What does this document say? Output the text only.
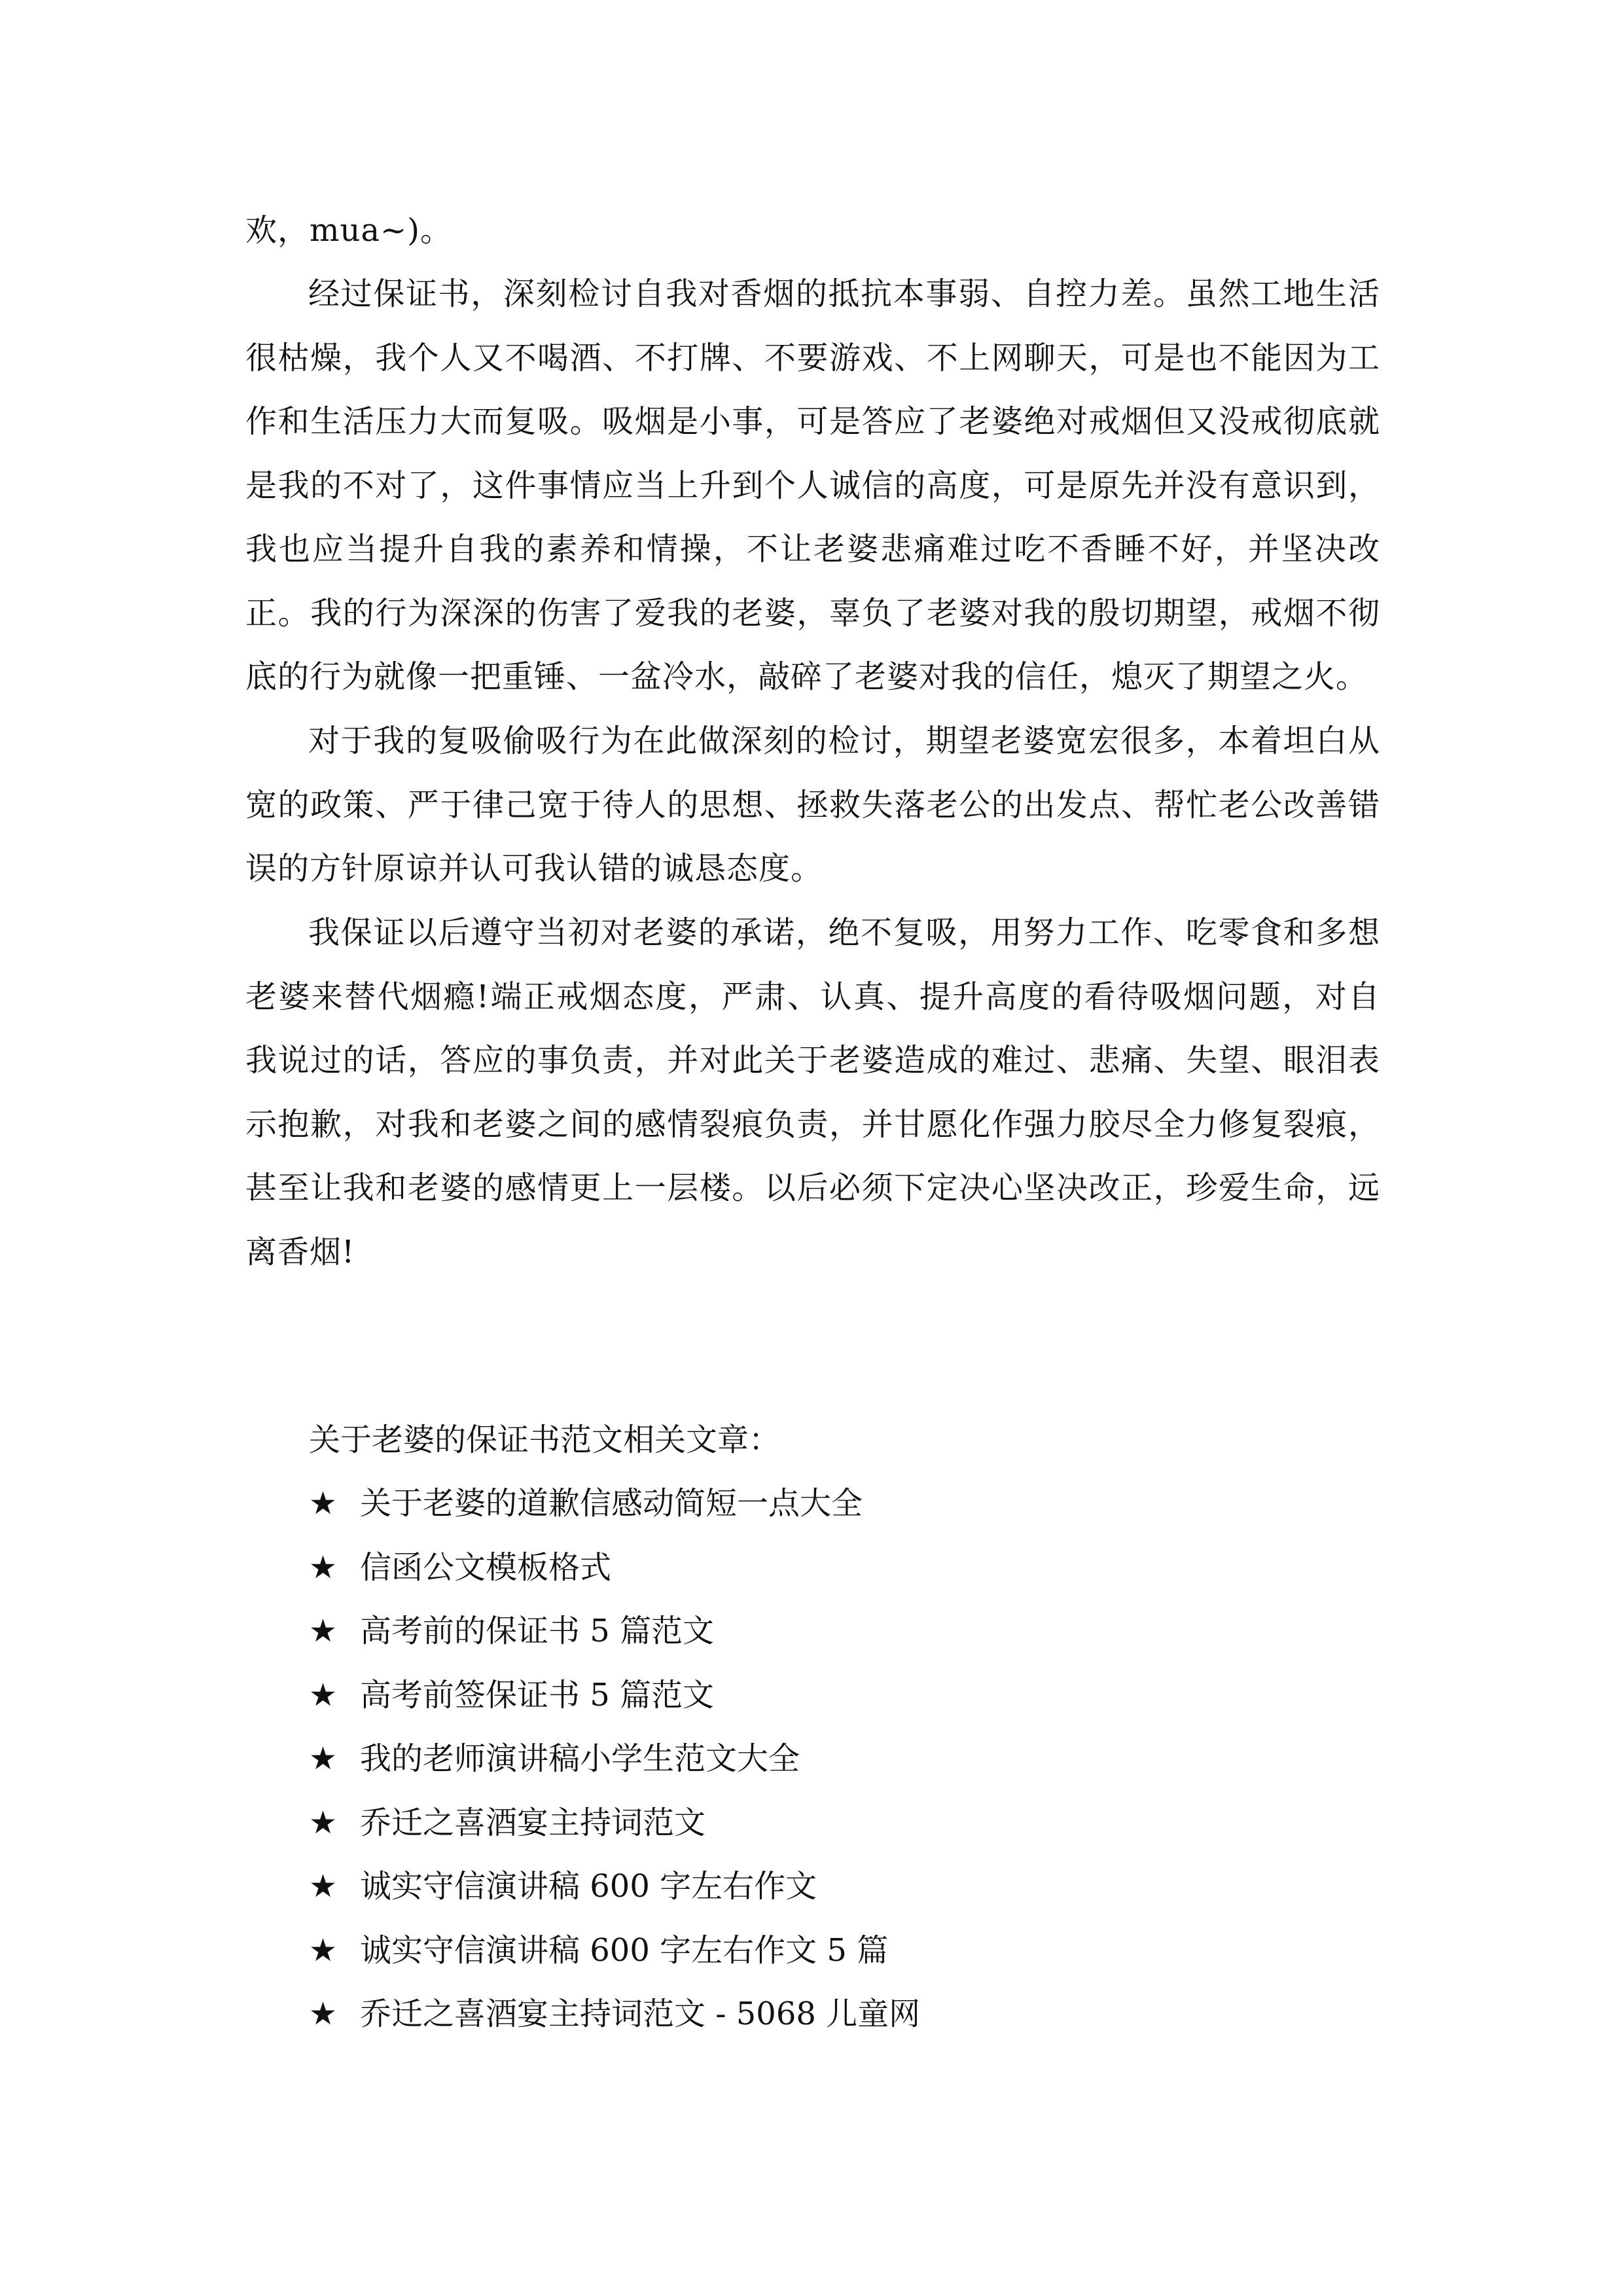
欢，mua~)。

经过保证书，深刻检讨自我对香烟的抵抗本事弱、自控力差。虽然工地生活很枯燥，我个人又不喝酒、不打牌、不要游戏、不上网聊天，可是也不能因为工作和生活压力大而复吸。吸烟是小事，可是答应了老婆绝对戒烟但又没戒彻底就是我的不对了，这件事情应当上升到个人诚信的高度，可是原先并没有意识到，我也应当提升自我的素养和情操，不让老婆悲痛难过吃不香睡不好，并坚决改正。我的行为深深的伤害了爱我的老婆，辜负了老婆对我的殷切期望，戒烟不彻底的行为就像一把重锤、一盆冷水，敲碎了老婆对我的信任，熄灭了期望之火。

对于我的复吸偷吸行为在此做深刻的检讨，期望老婆宽宏很多，本着坦白从宽的政策、严于律己宽于待人的思想、拯救失落老公的出发点、帮忙老公改善错误的方针原谅并认可我认错的诚恳态度。

我保证以后遵守当初对老婆的承诺，绝不复吸，用努力工作、吃零食和多想老婆来替代烟瘾!端正戒烟态度，严肃、认真、提升高度的看待吸烟问题，对自我说过的话，答应的事负责，并对此关于老婆造成的难过、悲痛、失望、眼泪表示抱歉，对我和老婆之间的感情裂痕负责，并甘愿化作强力胶尽全力修复裂痕，甚至让我和老婆的感情更上一层楼。以后必须下定决心坚决改正，珍爱生命，远离香烟!

关于老婆的保证书范文相关文章：

★ 关于老婆的道歉信感动简短一点大全
★ 信函公文模板格式
★ 高考前的保证书 5 篇范文
★ 高考前签保证书 5 篇范文
★ 我的老师演讲稿小学生范文大全
★ 乔迁之喜酒宴主持词范文
★ 诚实守信演讲稿 600 字左右作文
★ 诚实守信演讲稿 600 字左右作文 5 篇
★ 乔迁之喜酒宴主持词范文 - 5068 儿童网
